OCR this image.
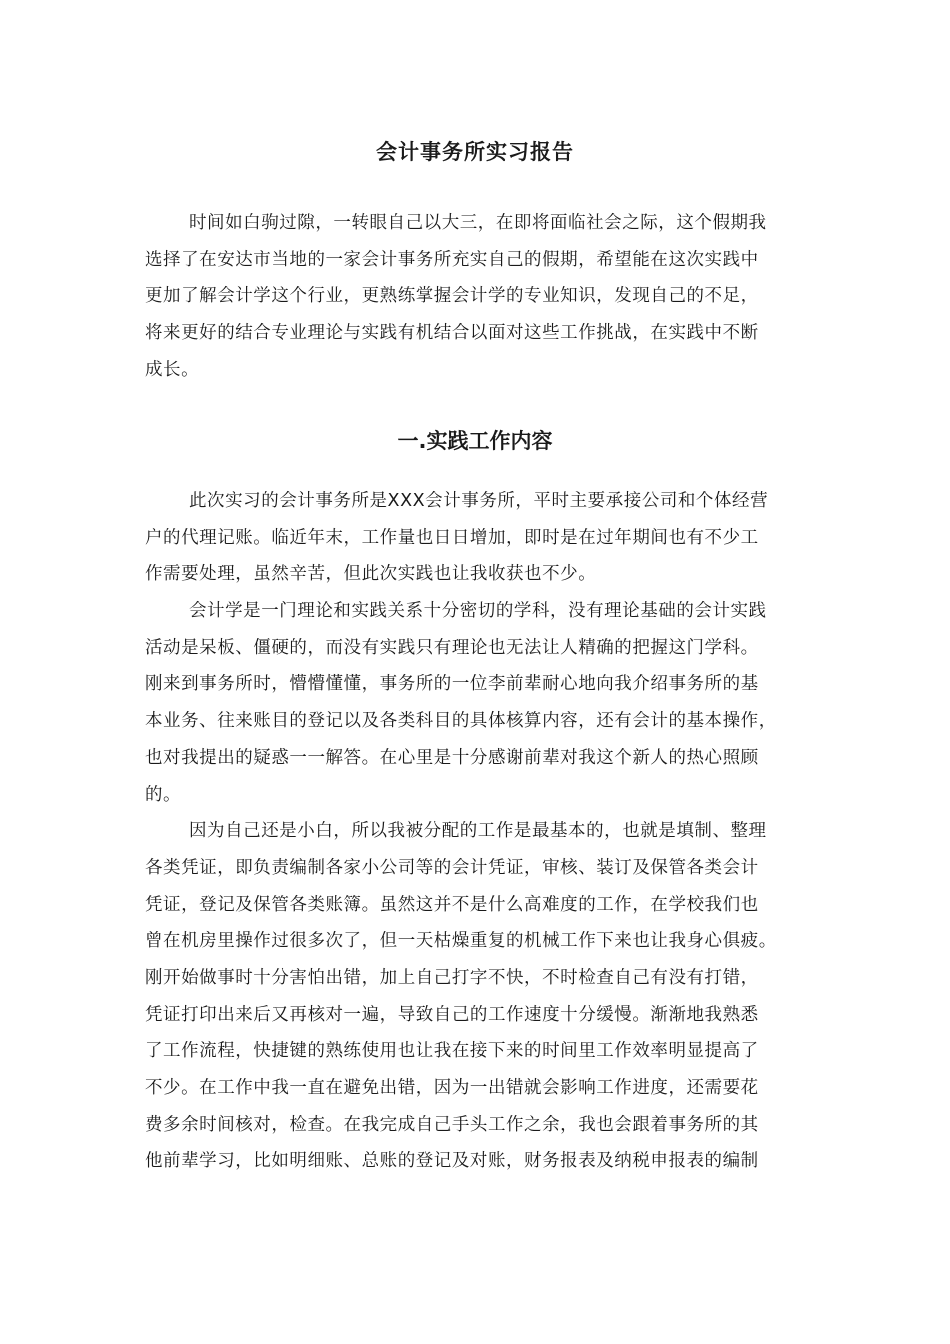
会计事务所实习报告
时间如白驹过隙，一转眼自己以大三，在即将面临社会之际，这个假期我
选择了在安达市当地的一家会计事务所充实自己的假期，希望能在这次实践中
更加了解会计学这个行业，更熟练掌握会计学的专业知识，发现自己的不足，
将来更好的结合专业理论与实践有机结合以面对这些工作挑战，在实践中不断
成长。
一.实践工作内容
此次实习的会计事务所是XXX会计事务所，平时主要承接公司和个体经营
户的代理记账。临近年末，工作量也日日增加，即时是在过年期间也有不少工
作需要处理，虽然辛苦，但此次实践也让我收获也不少。
会计学是一门理论和实践关系十分密切的学科，没有理论基础的会计实践
活动是呆板、僵硬的，而没有实践只有理论也无法让人精确的把握这门学科。
刚来到事务所时，懵懵懂懂，事务所的一位李前辈耐心地向我介绍事务所的基
本业务、往来账目的登记以及各类科目的具体核算内容，还有会计的基本操作，
也对我提出的疑惑一一解答。在心里是十分感谢前辈对我这个新人的热心照顾
的。
因为自己还是小白，所以我被分配的工作是最基本的，也就是填制、整理
各类凭证，即负责编制各家小公司等的会计凭证，审核、装订及保管各类会计
凭证，登记及保管各类账簿。虽然这并不是什么高难度的工作，在学校我们也
曾在机房里操作过很多次了，但一天枯燥重复的机械工作下来也让我身心俱疲。
刚开始做事时十分害怕出错，加上自己打字不快，不时检查自己有没有打错，
凭证打印出来后又再核对一遍，导致自己的工作速度十分缓慢。渐渐地我熟悉
了工作流程，快捷键的熟练使用也让我在接下来的时间里工作效率明显提高了
不少。在工作中我一直在避免出错，因为一出错就会影响工作进度，还需要花
费多余时间核对，检查。在我完成自己手头工作之余，我也会跟着事务所的其
他前辈学习，比如明细账、总账的登记及对账，财务报表及纳税申报表的编制
